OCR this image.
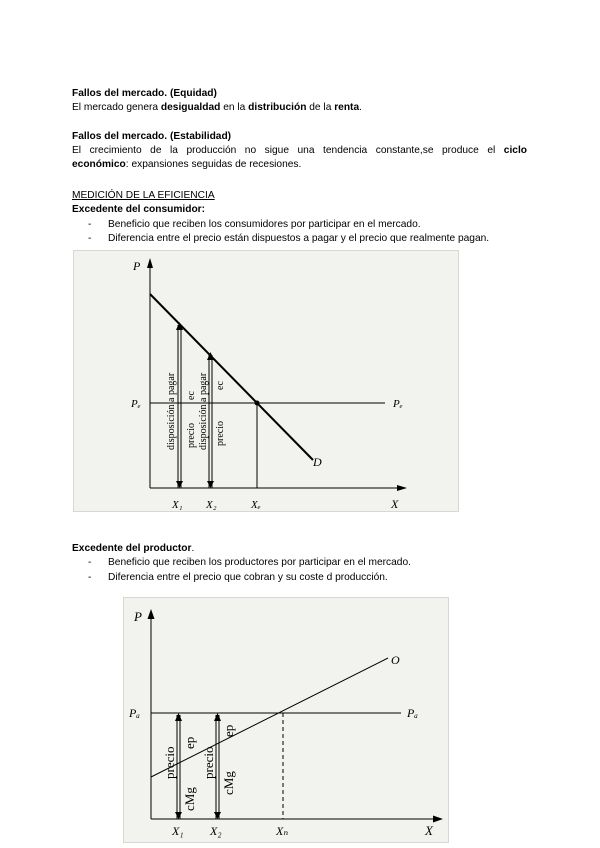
Fallos del mercado. (Equidad)
El mercado genera desigualdad en la distribución de la renta.
Fallos del mercado. (Estabilidad)
El crecimiento de la producción no sigue una tendencia constante,se produce el ciclo
económico: expansiones seguidas de recesiones.
MEDICIÓN DE LA EFICIENCIA
Excedente del consumidor:
- Beneficio que reciben los consumidores por participar en el mercado.
- Diferencia entre el precio están dispuestos a pagar y el precio que realmente pagan.
disposición a pagar ec
precio disposición a pagar ec
precio
P
X
Pₑ	Pₑ
D
X₁ X₂	Xₑ
Excedente del productor.
- Beneficio que reciben los productores por participar en el mercado.
- Diferencia entre el precio que cobran y su coste d producción.
precio
ep
cMg
precio
ep
cMg
P
X
Pₐ	Pₐ
O
X₁ X₂	Xₙ
